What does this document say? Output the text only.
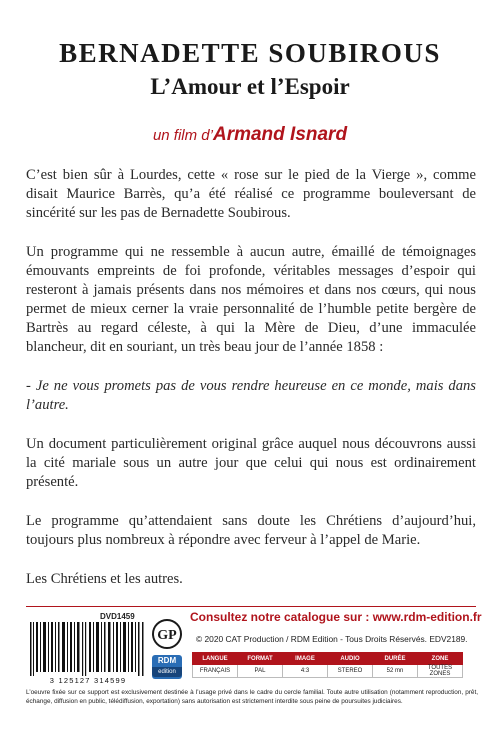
BERNADETTE SOUBIROUS
L’Amour et l’Espoir

un film d’Armand Isnard

C’est bien sûr à Lourdes, cette « rose sur le pied de la Vierge », comme disait Maurice Barrès, qu’a été réalisé ce programme bouleversant de sincérité sur les pas de Bernadette Soubirous.

Un programme qui ne ressemble à aucun autre, émaillé de témoignages émouvants empreints de foi profonde, véritables messages d’espoir qui resteront à jamais présents dans nos mémoires et dans nos cœurs, qui nous permet de mieux cerner la vraie personnalité de l’humble petite bergère de Bartrès au regard céleste, à qui la Mère de Dieu, d’une immaculée blancheur, dit en souriant, un très beau jour de l’année 1858 :

- Je ne vous promets pas de vous rendre heureuse en ce monde, mais dans l’autre.

Un document particulièrement original grâce auquel nous découvrons aussi la cité mariale sous un autre jour que celui qui nous est ordinairement présenté.

Le programme qu’attendaient sans doute les Chrétiens d’aujourd’hui, toujours plus nombreux à répondre avec ferveur à l’appel de Marie.

Les Chrétiens et les autres.

DVD1459
3 125127 314599
GP
RDM
edition
Consultez notre catalogue sur : www.rdm-edition.fr
© 2020 CAT Production / RDM Edition - Tous Droits Réservés. EDV2189.
LANGUE	FORMAT	IMAGE	AUDIO	DURÉE	ZONE
FRANÇAIS	PAL	4:3	STEREO	52 mn	TOUTES ZONES
L’oeuvre fixée sur ce support est exclusivement destinée à l’usage privé dans le cadre du cercle familial. Toute autre utilisation (notamment reproduction, prêt, échange, diffusion en public, télédiffusion, exportation) sans autorisation est strictement interdite sous peine de poursuites judiciaires.
